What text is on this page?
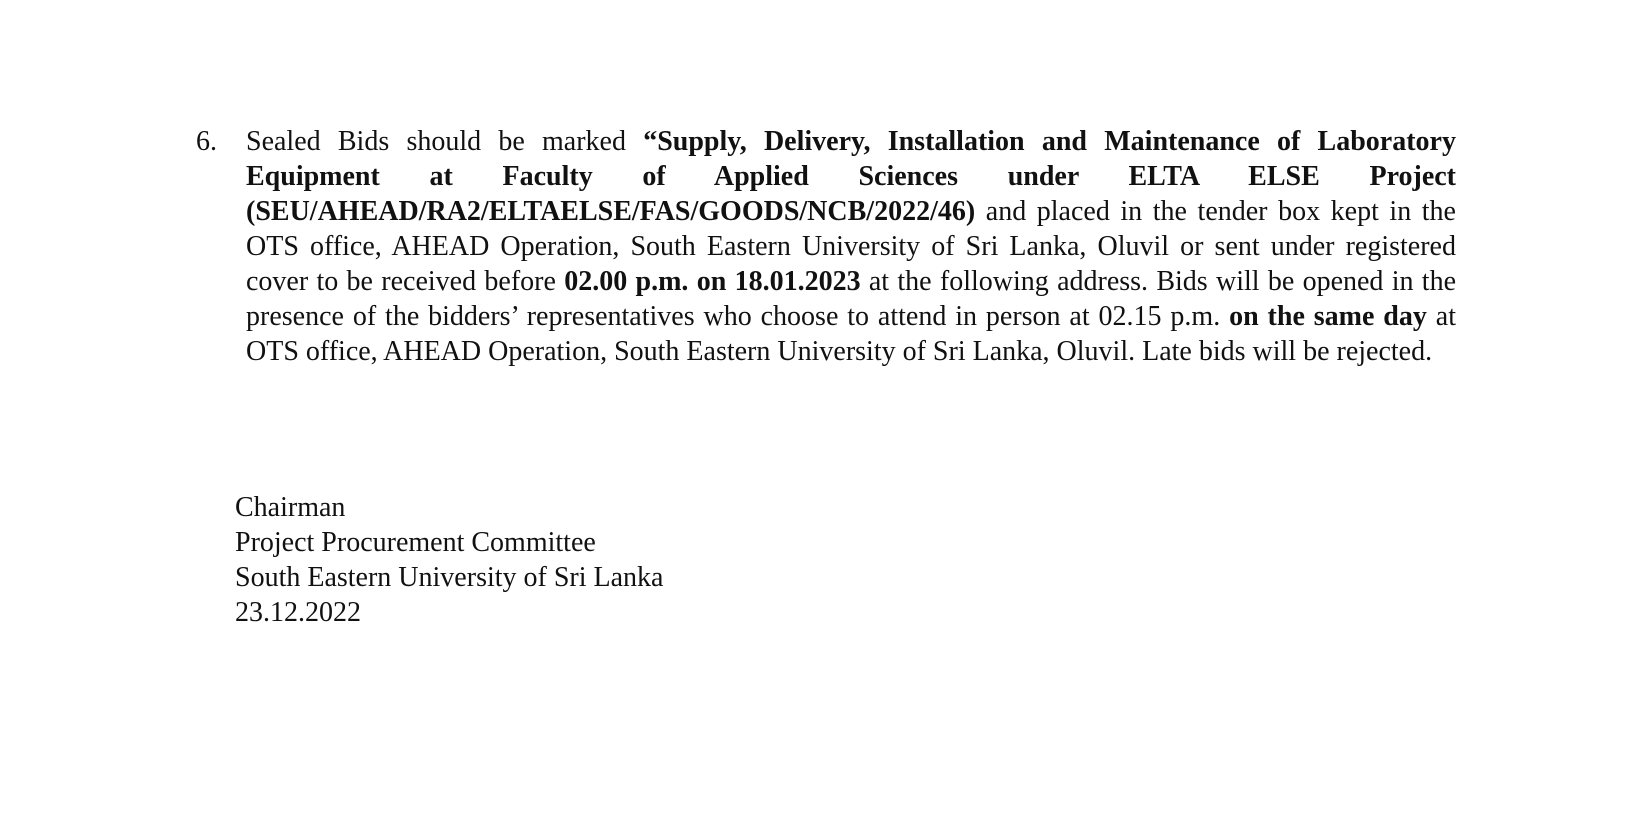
6.	Sealed Bids should be marked “Supply, Delivery, Installation and Maintenance of Laboratory Equipment at Faculty of Applied Sciences under ELTA ELSE Project (SEU/AHEAD/RA2/ELTAELSE/FAS/GOODS/NCB/2022/46) and placed in the tender box kept in the OTS office, AHEAD Operation, South Eastern University of Sri Lanka, Oluvil or sent under registered cover to be received before 02.00 p.m. on 18.01.2023 at the following address. Bids will be opened in the presence of the bidders’ representatives who choose to attend in person at 02.15 p.m. on the same day at OTS office, AHEAD Operation, South Eastern University of Sri Lanka, Oluvil. Late bids will be rejected.
Chairman
Project Procurement Committee
South Eastern University of Sri Lanka
23.12.2022
